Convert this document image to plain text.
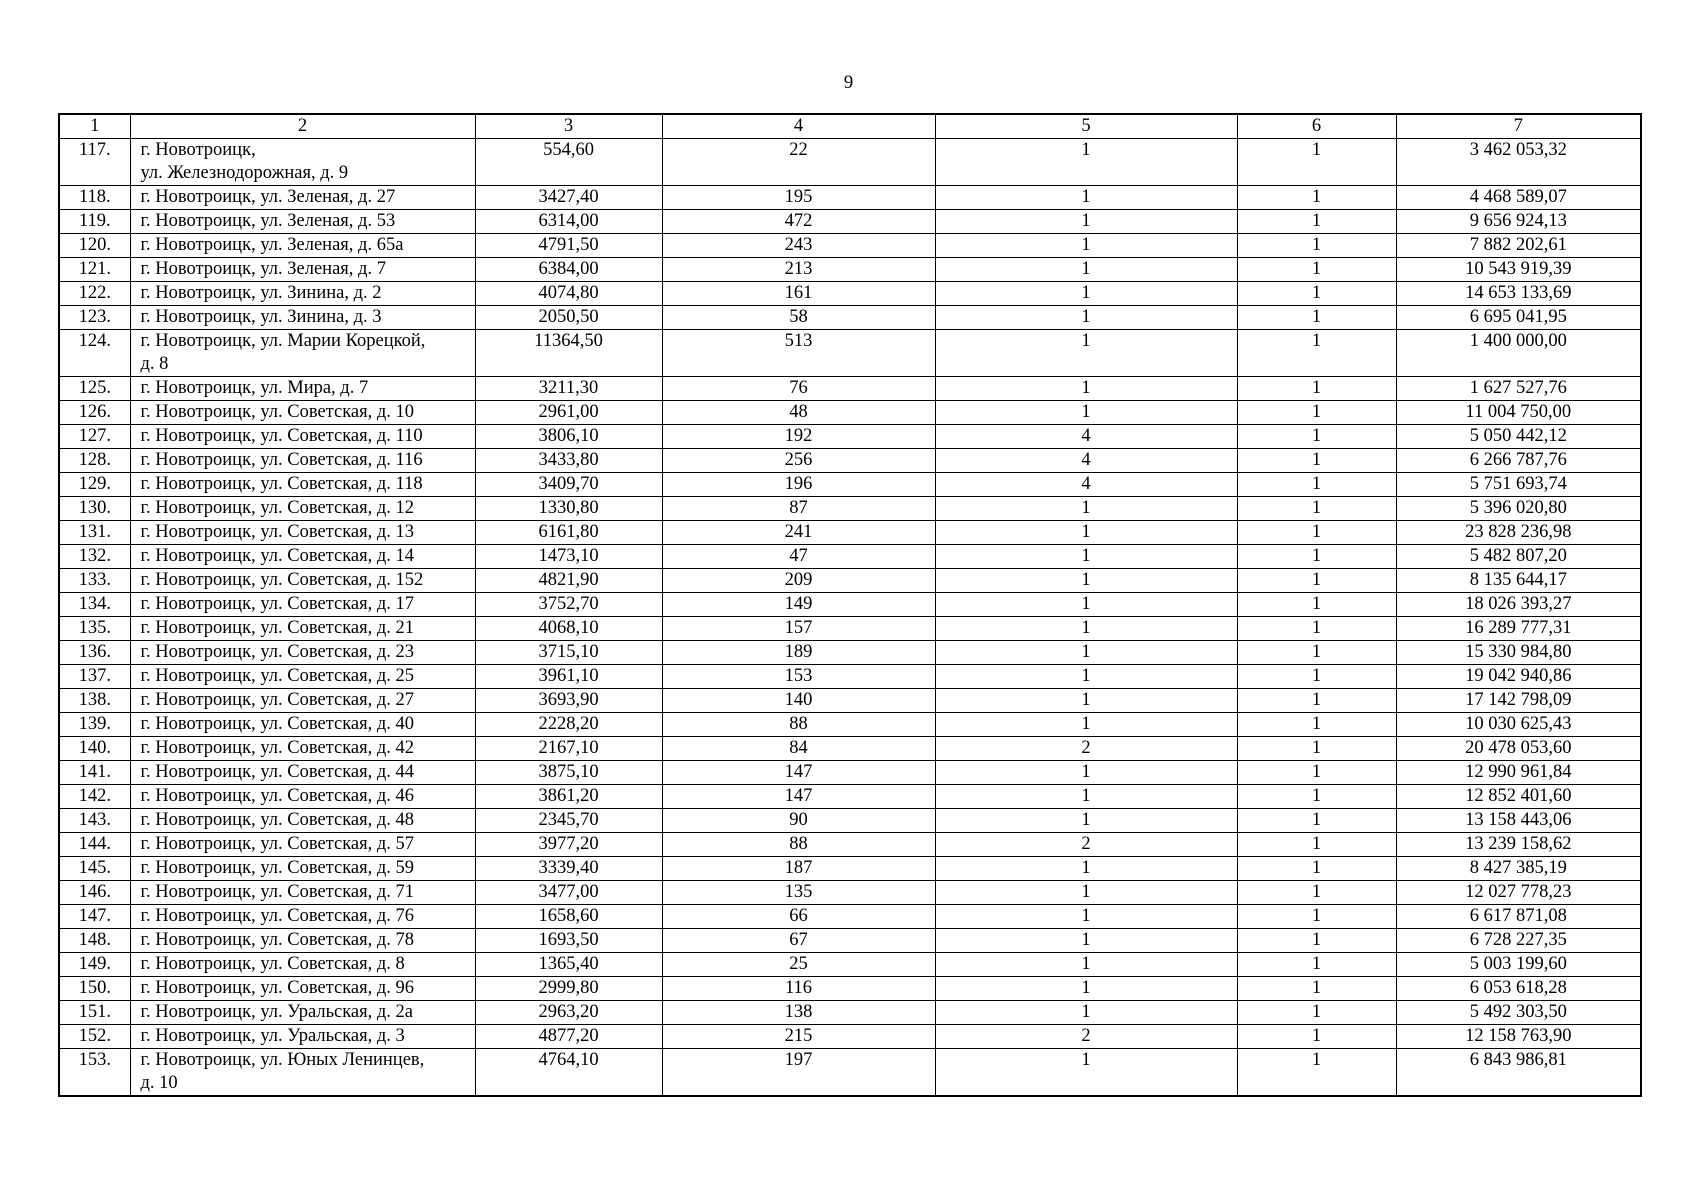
9
1	2	3	4	5	6	7
117.	г. Новотроицк,
ул. Железнодорожная, д. 9	554,60	22	1	1	3 462 053,32
118.	г. Новотроицк, ул. Зеленая, д. 27	3427,40	195	1	1	4 468 589,07
119.	г. Новотроицк, ул. Зеленая, д. 53	6314,00	472	1	1	9 656 924,13
120.	г. Новотроицк, ул. Зеленая, д. 65а	4791,50	243	1	1	7 882 202,61
121.	г. Новотроицк, ул. Зеленая, д. 7	6384,00	213	1	1	10 543 919,39
122.	г. Новотроицк, ул. Зинина, д. 2	4074,80	161	1	1	14 653 133,69
123.	г. Новотроицк, ул. Зинина, д. 3	2050,50	58	1	1	6 695 041,95
124.	г. Новотроицк, ул. Марии Корецкой,
д. 8	11364,50	513	1	1	1 400 000,00
125.	г. Новотроицк, ул. Мира, д. 7	3211,30	76	1	1	1 627 527,76
126.	г. Новотроицк, ул. Советская, д. 10	2961,00	48	1	1	11 004 750,00
127.	г. Новотроицк, ул. Советская, д. 110	3806,10	192	4	1	5 050 442,12
128.	г. Новотроицк, ул. Советская, д. 116	3433,80	256	4	1	6 266 787,76
129.	г. Новотроицк, ул. Советская, д. 118	3409,70	196	4	1	5 751 693,74
130.	г. Новотроицк, ул. Советская, д. 12	1330,80	87	1	1	5 396 020,80
131.	г. Новотроицк, ул. Советская, д. 13	6161,80	241	1	1	23 828 236,98
132.	г. Новотроицк, ул. Советская, д. 14	1473,10	47	1	1	5 482 807,20
133.	г. Новотроицк, ул. Советская, д. 152	4821,90	209	1	1	8 135 644,17
134.	г. Новотроицк, ул. Советская, д. 17	3752,70	149	1	1	18 026 393,27
135.	г. Новотроицк, ул. Советская, д. 21	4068,10	157	1	1	16 289 777,31
136.	г. Новотроицк, ул. Советская, д. 23	3715,10	189	1	1	15 330 984,80
137.	г. Новотроицк, ул. Советская, д. 25	3961,10	153	1	1	19 042 940,86
138.	г. Новотроицк, ул. Советская, д. 27	3693,90	140	1	1	17 142 798,09
139.	г. Новотроицк, ул. Советская, д. 40	2228,20	88	1	1	10 030 625,43
140.	г. Новотроицк, ул. Советская, д. 42	2167,10	84	2	1	20 478 053,60
141.	г. Новотроицк, ул. Советская, д. 44	3875,10	147	1	1	12 990 961,84
142.	г. Новотроицк, ул. Советская, д. 46	3861,20	147	1	1	12 852 401,60
143.	г. Новотроицк, ул. Советская, д. 48	2345,70	90	1	1	13 158 443,06
144.	г. Новотроицк, ул. Советская, д. 57	3977,20	88	2	1	13 239 158,62
145.	г. Новотроицк, ул. Советская, д. 59	3339,40	187	1	1	8 427 385,19
146.	г. Новотроицк, ул. Советская, д. 71	3477,00	135	1	1	12 027 778,23
147.	г. Новотроицк, ул. Советская, д. 76	1658,60	66	1	1	6 617 871,08
148.	г. Новотроицк, ул. Советская, д. 78	1693,50	67	1	1	6 728 227,35
149.	г. Новотроицк, ул. Советская, д. 8	1365,40	25	1	1	5 003 199,60
150.	г. Новотроицк, ул. Советская, д. 96	2999,80	116	1	1	6 053 618,28
151.	г. Новотроицк, ул. Уральская, д. 2а	2963,20	138	1	1	5 492 303,50
152.	г. Новотроицк, ул. Уральская, д. 3	4877,20	215	2	1	12 158 763,90
153.	г. Новотроицк, ул. Юных Ленинцев,
д. 10	4764,10	197	1	1	6 843 986,81
